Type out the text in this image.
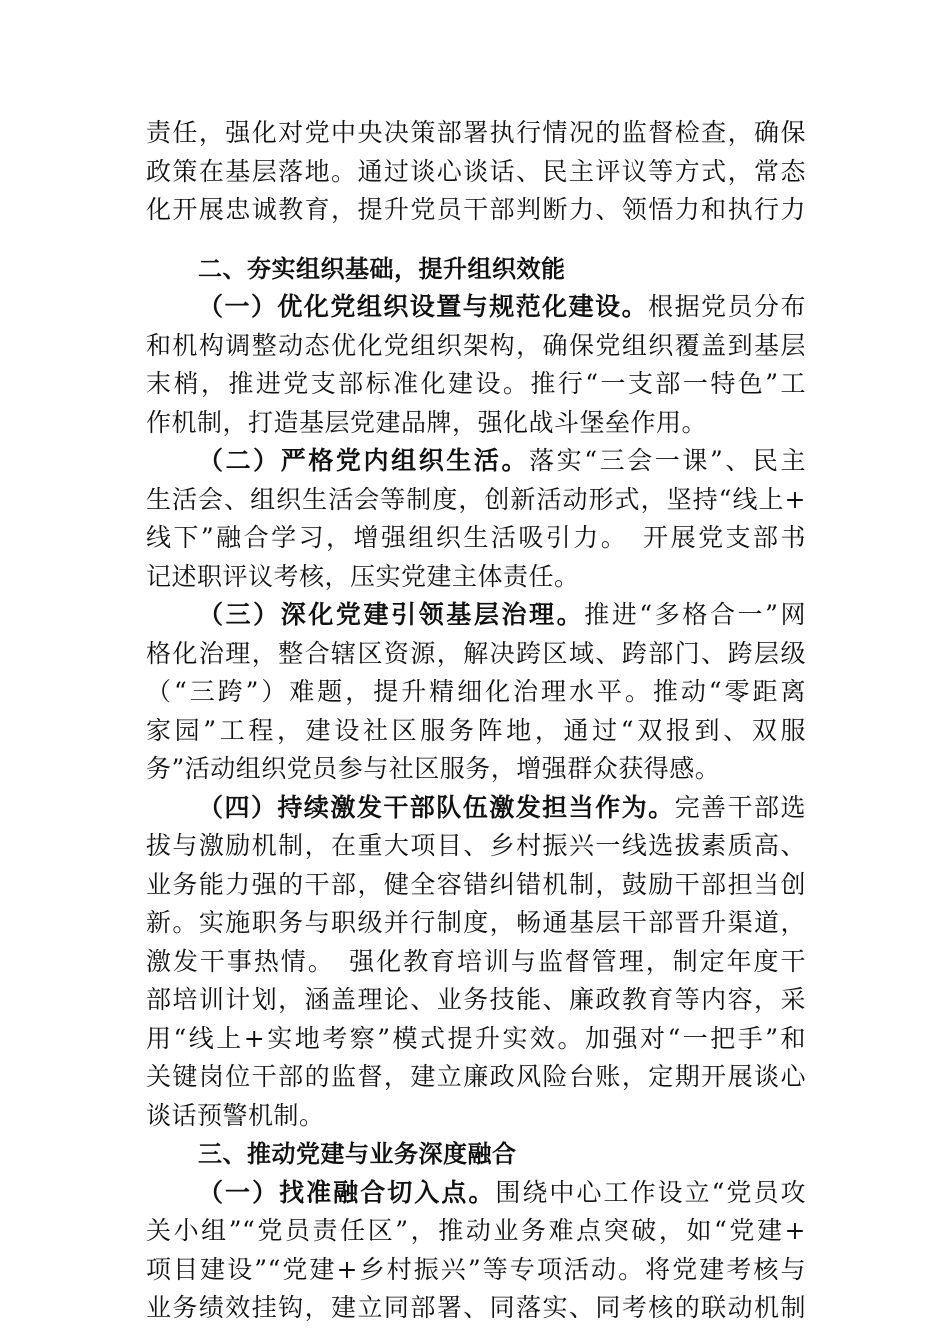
责任，强化对党中央决策部署执行情况的监督检查，确保
政策在基层落地。通过谈心谈话、民主评议等方式，常态
化开展忠诚教育，提升党员干部判断力、领悟力和执行力
二、夯实组织基础，提升组织效能
（一）优化党组织设置与规范化建设。根据党员分布
和机构调整动态优化党组织架构，确保党组织覆盖到基层
末梢，推进党支部标准化建设。推行“一支部一特色”工
作机制，打造基层党建品牌，强化战斗堡垒作用。
（二）严格党内组织生活。落实“三会一课”、民主
生活会、组织生活会等制度，创新活动形式，坚持“线上+
线下”融合学习，增强组织生活吸引力。　开展党支部书
记述职评议考核，压实党建主体责任。
（三）深化党建引领基层治理。推进“多格合一”网
格化治理，整合辖区资源，解决跨区域、跨部门、跨层级
（“三跨”）难题，提升精细化治理水平。推动“零距离
家园”工程，建设社区服务阵地，通过“双报到、双服
务”活动组织党员参与社区服务，增强群众获得感。
（四）持续激发干部队伍激发担当作为。完善干部选
拔与激励机制，在重大项目、乡村振兴一线选拔素质高、
业务能力强的干部，健全容错纠错机制，鼓励干部担当创
新。实施职务与职级并行制度，畅通基层干部晋升渠道，
激发干事热情。　强化教育培训与监督管理，制定年度干
部培训计划，涵盖理论、业务技能、廉政教育等内容，采
用“线上+实地考察”模式提升实效。加强对“一把手”和
关键岗位干部的监督，建立廉政风险台账，定期开展谈心
谈话预警机制。
三、推动党建与业务深度融合
（一）找准融合切入点。围绕中心工作设立“党员攻
关小组”“党员责任区”，推动业务难点突破，如“党建+
项目建设”“党建+乡村振兴”等专项活动。将党建考核与
业务绩效挂钩，建立同部署、同落实、同考核的联动机制
